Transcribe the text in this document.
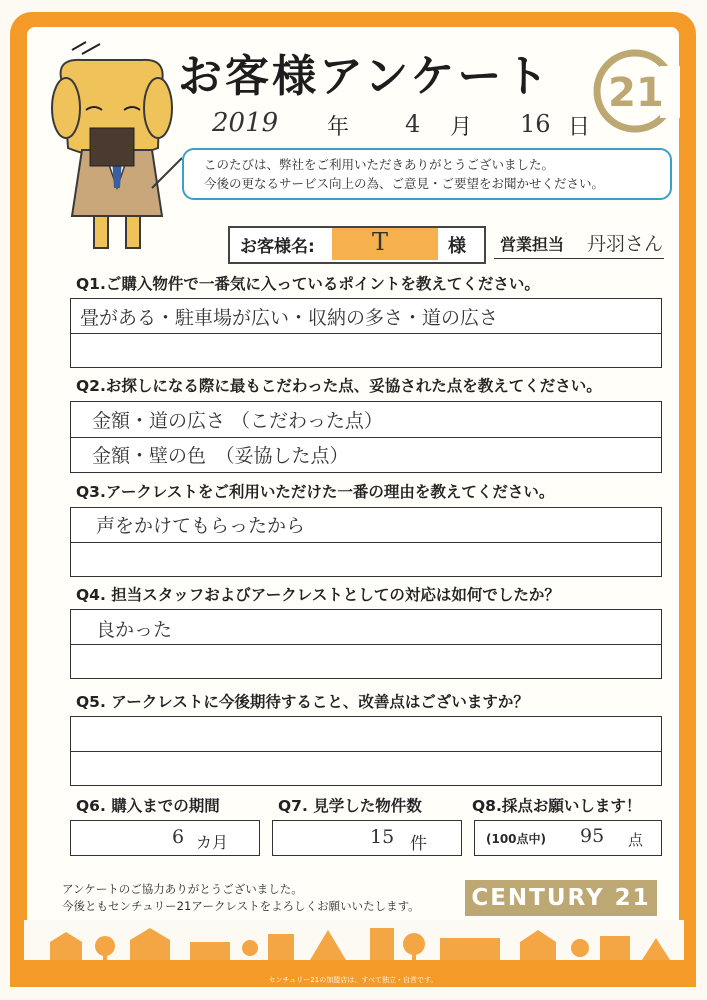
お客様アンケート 21
2019 年 4 月 16 日
このたびは、弊社をご利用いただきありがとうございました。
今後の更なるサービス向上の為、ご意見・ご要望をお聞かせください。
お客様名: T	様 営業担当 丹羽さん
Q1.ご購入物件で一番気に入っているポイントを教えてください。
畳がある・駐車場が広い・収納の多さ・道の広さ
Q2.お探しになる際に最もこだわった点、妥協された点を教えてください。
金額・道の広さ （こだわった点）
金額・壁の色　（妥協した点）
Q3.アークレストをご利用いただけた一番の理由を教えてください。
声をかけてもらったから
Q4. 担当スタッフおよびアークレストとしての対応は如何でしたか？
良かった
Q5. アークレストに今後期待すること、改善点はございますか？
Q6. 購入までの期間
6 カ月
Q7. 見学した物件数
15 件
Q8.採点お願いします！
(100点中) 95 点
アンケートのご協力ありがとうございました。
今後ともセンチュリー21アークレストをよろしくお願いいたします。 CENTURY 21
センチュリー21の加盟店は、すべて独立・自営です。
